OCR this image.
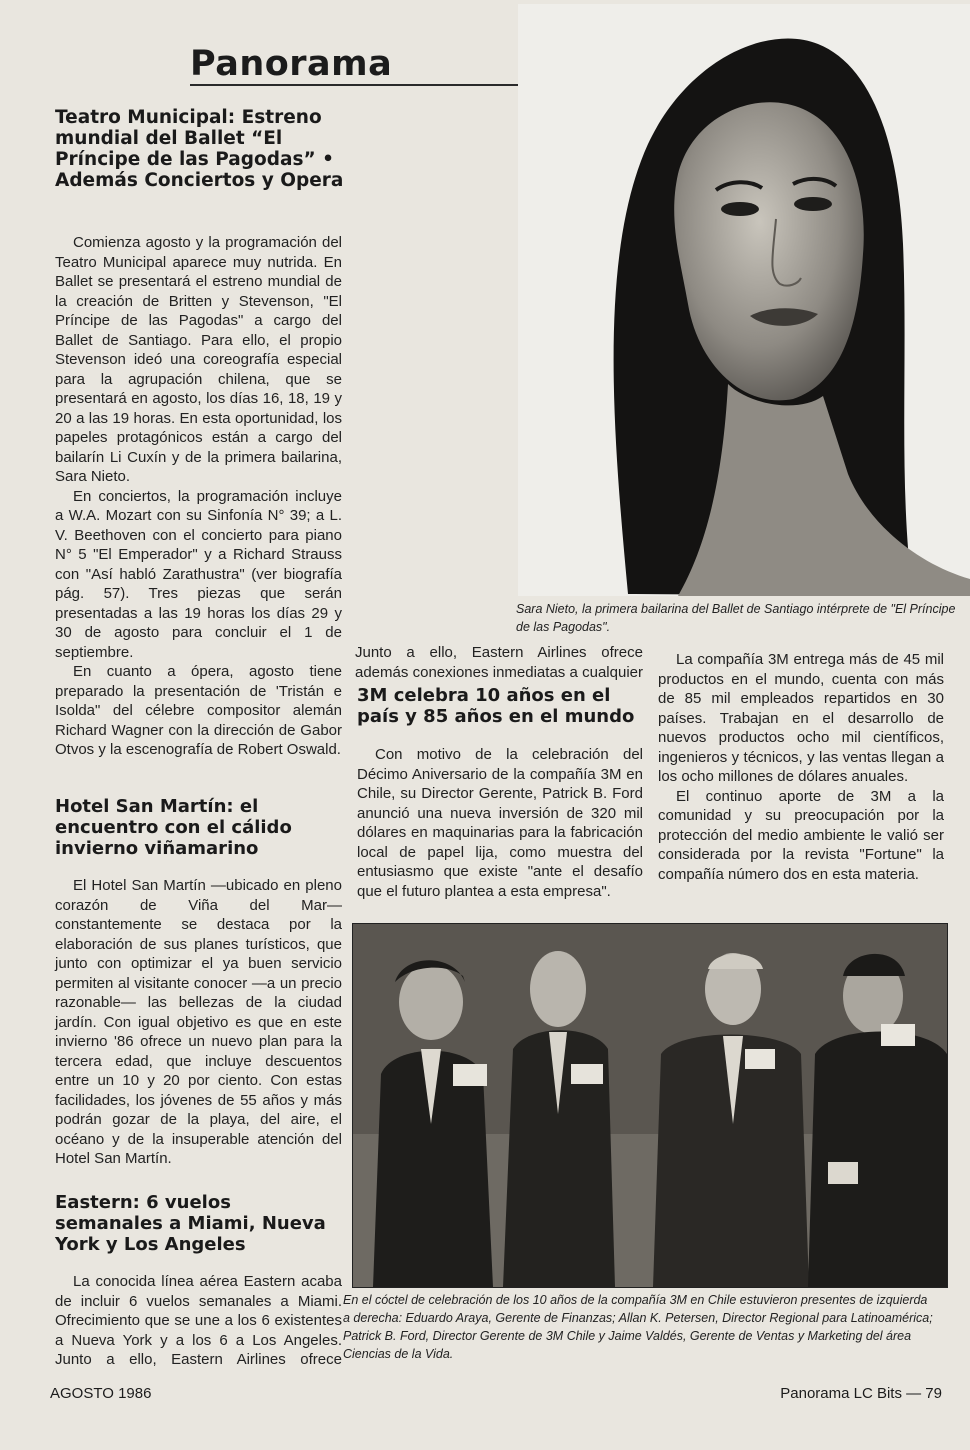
Panorama
Teatro Municipal: Estreno mundial del Ballet “El Príncipe de las Pagodas” • Además Conciertos y Opera

Comienza agosto y la programación del Teatro Municipal aparece muy nutrida. En Ballet se presentará el estreno mundial de la creación de Britten y Stevenson, "El Príncipe de las Pagodas" a cargo del Ballet de Santiago. Para ello, el propio Stevenson ideó una coreografía especial para la agrupación chilena, que se presentará en agosto, los días 16, 18, 19 y 20 a las 19 horas. En esta oportunidad, los papeles protagónicos están a cargo del bailarín Li Cuxín y de la primera bailarina, Sara Nieto.

En conciertos, la programación incluye a W.A. Mozart con su Sinfonía N° 39; a L. V. Beethoven con el concierto para piano N° 5 "El Emperador" y a Richard Strauss con "Así habló Zarathustra" (ver biografía pág. 57). Tres piezas que serán presentadas a las 19 horas los días 29 y 30 de agosto para concluir el 1 de septiembre.

En cuanto a ópera, agosto tiene preparado la presentación de 'Tristán e Isolda" del célebre compositor alemán Richard Wagner con la dirección de Gabor Otvos y la escenografía de Robert Oswald.

Hotel San Martín: el encuentro con el cálido invierno viñamarino

El Hotel San Martín —ubicado en pleno corazón de Viña del Mar— constantemente se destaca por la elaboración de sus planes turísticos, que junto con optimizar el ya buen servicio permiten al visitante conocer —a un precio razonable— las bellezas de la ciudad jardín. Con igual objetivo es que en este invierno '86 ofrece un nuevo plan para la tercera edad, que incluye descuentos entre un 10 y 20 por ciento. Con estas facilidades, los jóvenes de 55 años y más podrán gozar de la playa, del aire, el océano y de la insuperable atención del Hotel San Martín.

Eastern: 6 vuelos semanales a Miami, Nueva York y Los Angeles

La conocida línea aérea Eastern acaba de incluir 6 vuelos semanales a Miami. Ofrecimiento que se une a los 6 existentes a Nueva York y a los 6 a Los Angeles. Junto a ello, Eastern Airlines ofrece

Sara Nieto, la primera bailarina del Ballet de Santiago intérprete de "El Príncipe de las Pagodas".

Junto a ello, Eastern Airlines ofrece además conexiones inmediatas a cualquier

3M celebra 10 años en el país y 85 años en el mundo

Con motivo de la celebración del Décimo Aniversario de la compañía 3M en Chile, su Director Gerente, Patrick B. Ford anunció una nueva inversión de 320 mil dólares en maquinarias para la fabricación local de papel lija, como muestra del entusiasmo que existe "ante el desafío que el futuro plantea a esta empresa".

La compañía 3M entrega más de 45 mil productos en el mundo, cuenta con más de 85 mil empleados repartidos en 30 países. Trabajan en el desarrollo de nuevos productos ocho mil científicos, ingenieros y técnicos, y las ventas llegan a los ocho millones de dólares anuales.

El continuo aporte de 3M a la comunidad y su preocupación por la protección del medio ambiente le valió ser considerada por la revista "Fortune" la compañía número dos en esta materia.

En el cóctel de celebración de los 10 años de la compañía 3M en Chile estuvieron presentes de izquierda a derecha: Eduardo Araya, Gerente de Finanzas; Allan K. Petersen, Director Regional para Latinoamérica; Patrick B. Ford, Director Gerente de 3M Chile y Jaime Valdés, Gerente de Ventas y Marketing del área Ciencias de la Vida.
AGOSTO 1986	Panorama LC Bits — 79
